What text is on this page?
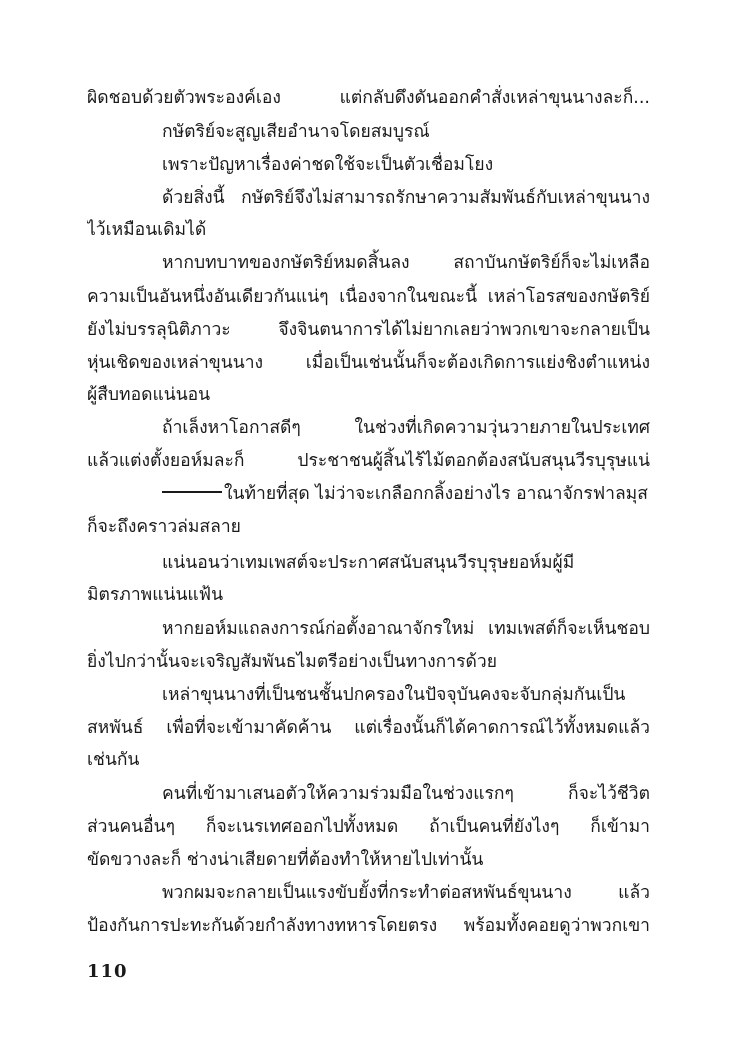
ผิดชอบด้วยตัวพระองค์เอง แต่กลับดึงดันออกคำสั่งเหล่าขุนนางละก็...
กษัตริย์จะสูญเสียอำนาจโดยสมบูรณ์
เพราะปัญหาเรื่องค่าชดใช้จะเป็นตัวเชื่อมโยง
ด้วยสิ่งนี้ กษัตริย์จึงไม่สามารถรักษาความสัมพันธ์กับเหล่าขุนนาง
ไว้เหมือนเดิมได้
หากบทบาทของกษัตริย์หมดสิ้นลง สถาบันกษัตริย์ก็จะไม่เหลือ
ความเป็นอันหนึ่งอันเดียวกันแน่ๆ เนื่องจากในขณะนี้ เหล่าโอรสของกษัตริย์
ยังไม่บรรลุนิติภาวะ จึงจินตนาการได้ไม่ยากเลยว่าพวกเขาจะกลายเป็น
หุ่นเชิดของเหล่าขุนนาง เมื่อเป็นเช่นนั้นก็จะต้องเกิดการแย่งชิงตำแหน่ง
ผู้สืบทอดแน่นอน
ถ้าเล็งหาโอกาสดีๆ ในช่วงที่เกิดความวุ่นวายภายในประเทศ
แล้วแต่งตั้งยอห์มละก็ ประชาชนผู้สิ้นไร้ไม้ตอกต้องสนับสนุนวีรบุรุษแน่
ในท้ายที่สุด ไม่ว่าจะเกลือกกลิ้งอย่างไร อาณาจักรฟาลมุส
ก็จะถึงคราวล่มสลาย
แน่นอนว่าเทมเพสต์จะประกาศสนับสนุนวีรบุรุษยอห์มผู้มี
มิตรภาพแน่นแฟ้น
หากยอห์มแถลงการณ์ก่อตั้งอาณาจักรใหม่ เทมเพสต์ก็จะเห็นชอบ
ยิ่งไปกว่านั้นจะเจริญสัมพันธไมตรีอย่างเป็นทางการด้วย
เหล่าขุนนางที่เป็นชนชั้นปกครองในปัจจุบันคงจะจับกลุ่มกันเป็น
สหพันธ์ เพื่อที่จะเข้ามาคัดค้าน แต่เรื่องนั้นก็ได้คาดการณ์ไว้ทั้งหมดแล้ว
เช่นกัน
คนที่เข้ามาเสนอตัวให้ความร่วมมือในช่วงแรกๆ ก็จะไว้ชีวิต
ส่วนคนอื่นๆ ก็จะเนรเทศออกไปทั้งหมด ถ้าเป็นคนที่ยังไงๆ ก็เข้ามา
ขัดขวางละก็ ช่างน่าเสียดายที่ต้องทำให้หายไปเท่านั้น
พวกผมจะกลายเป็นแรงขับยั้งที่กระทำต่อสหพันธ์ขุนนาง แล้ว
ป้องกันการปะทะกันด้วยกำลังทางทหารโดยตรง พร้อมทั้งคอยดูว่าพวกเขา
110
